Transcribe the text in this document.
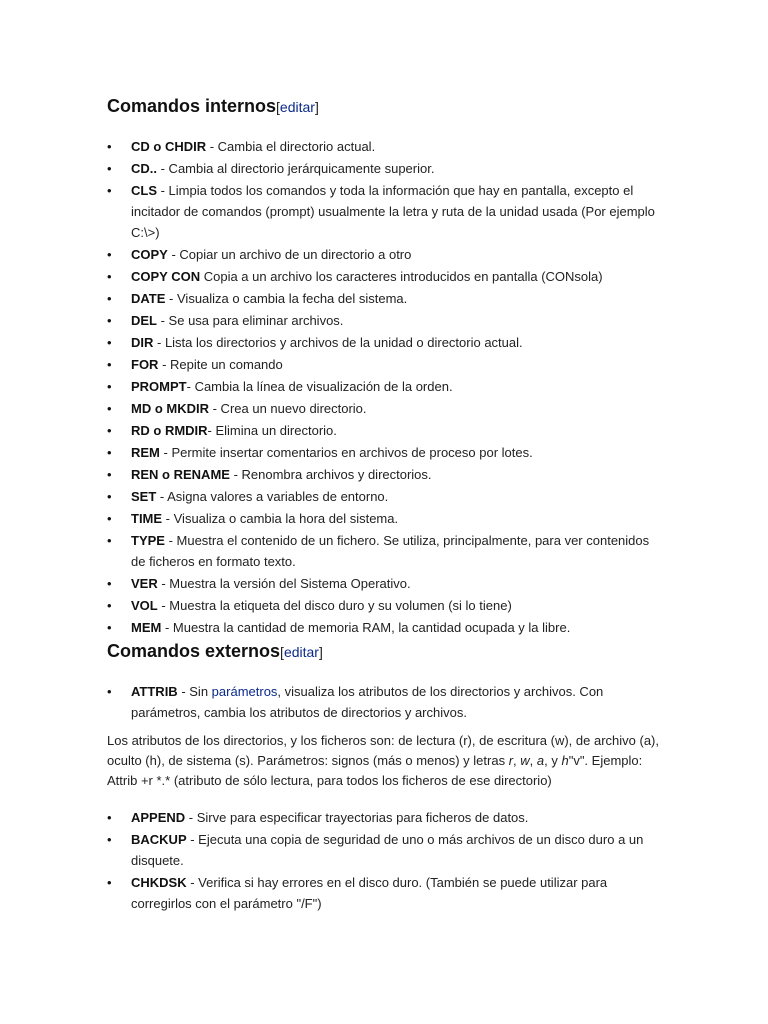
Comandos internos[editar]
• CD o CHDIR - Cambia el directorio actual.
• CD.. - Cambia al directorio jerárquicamente superior.
• CLS - Limpia todos los comandos y toda la información que hay en pantalla, excepto el incitador de comandos (prompt) usualmente la letra y ruta de la unidad usada (Por ejemplo C:\>)
• COPY - Copiar un archivo de un directorio a otro
• COPY CON Copia a un archivo los caracteres introducidos en pantalla (CONsola)
• DATE - Visualiza o cambia la fecha del sistema.
• DEL - Se usa para eliminar archivos.
• DIR - Lista los directorios y archivos de la unidad o directorio actual.
• FOR - Repite un comando
• PROMPT- Cambia la línea de visualización de la orden.
• MD o MKDIR - Crea un nuevo directorio.
• RD o RMDIR- Elimina un directorio.
• REM - Permite insertar comentarios en archivos de proceso por lotes.
• REN o RENAME - Renombra archivos y directorios.
• SET - Asigna valores a variables de entorno.
• TIME - Visualiza o cambia la hora del sistema.
• TYPE - Muestra el contenido de un fichero. Se utiliza, principalmente, para ver contenidos de ficheros en formato texto.
• VER - Muestra la versión del Sistema Operativo.
• VOL - Muestra la etiqueta del disco duro y su volumen (si lo tiene)
• MEM - Muestra la cantidad de memoria RAM, la cantidad ocupada y la libre.
Comandos externos[editar]
• ATTRIB - Sin parámetros, visualiza los atributos de los directorios y archivos. Con parámetros, cambia los atributos de directorios y archivos.

Los atributos de los directorios, y los ficheros son: de lectura (r), de escritura (w), de archivo (a), oculto (h), de sistema (s). Parámetros: signos (más o menos) y letras r, w, a, y h"v". Ejemplo: Attrib +r *.* (atributo de sólo lectura, para todos los ficheros de ese directorio)

• APPEND - Sirve para especificar trayectorias para ficheros de datos.
• BACKUP - Ejecuta una copia de seguridad de uno o más archivos de un disco duro a un disquete.
• CHKDSK - Verifica si hay errores en el disco duro. (También se puede utilizar para corregirlos con el parámetro "/F")
